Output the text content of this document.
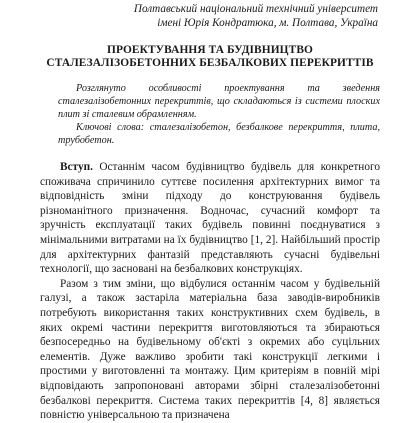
Полтавський національний технічний університет
імені Юрія Кондратюка, м. Полтава, Україна
ПРОЕКТУВАННЯ ТА БУДІВНИЦТВО
СТАЛЕЗАЛІЗОБЕТОННИХ БЕЗБАЛКОВИХ ПЕРЕКРИТТІВ

Розглянуто особливості проектування та зведення сталезалізобетонних перекриттів, що складаються із системи плоских плит зі сталевим обрамленням.

Ключові слова: сталезалізобетон, безбалкове перекриття, плита, трубобетон.

Вступ. Останнім часом будівництво будівель для конкретного споживача спричинило суттєве посилення архітектурних вимог та відповідність зміни підходу до конструювання будівель різноманітного призначення. Водночас, сучасний комфорт та зручність експлуатації таких будівель повинні поєднуватися з мінімальними витратами на їх будівництво [1, 2]. Найбільший простір для архітектурних фантазій представляють сучасні будівельні технології, що засновані на безбалкових конструкціях.

Разом з тим зміни, що відбулися останнім часом у будівельній галузі, а також застаріла матеріальна база заводів-виробників потребують використання таких конструктивних схем будівель, в яких окремі частини перекриття виготовляються та збираються безпосередньо на будівельному об'єкті з окремих або суцільних елементів. Дуже важливо зробити такі конструкції легкими і простими у виготовленні та монтажу. Цим критеріям в повній мірі відповідають запропоновані авторами збірні сталезалізобетонні безбалкові перекриття. Система таких перекриттів [4, 8] являється повністю універсальною та призначена
